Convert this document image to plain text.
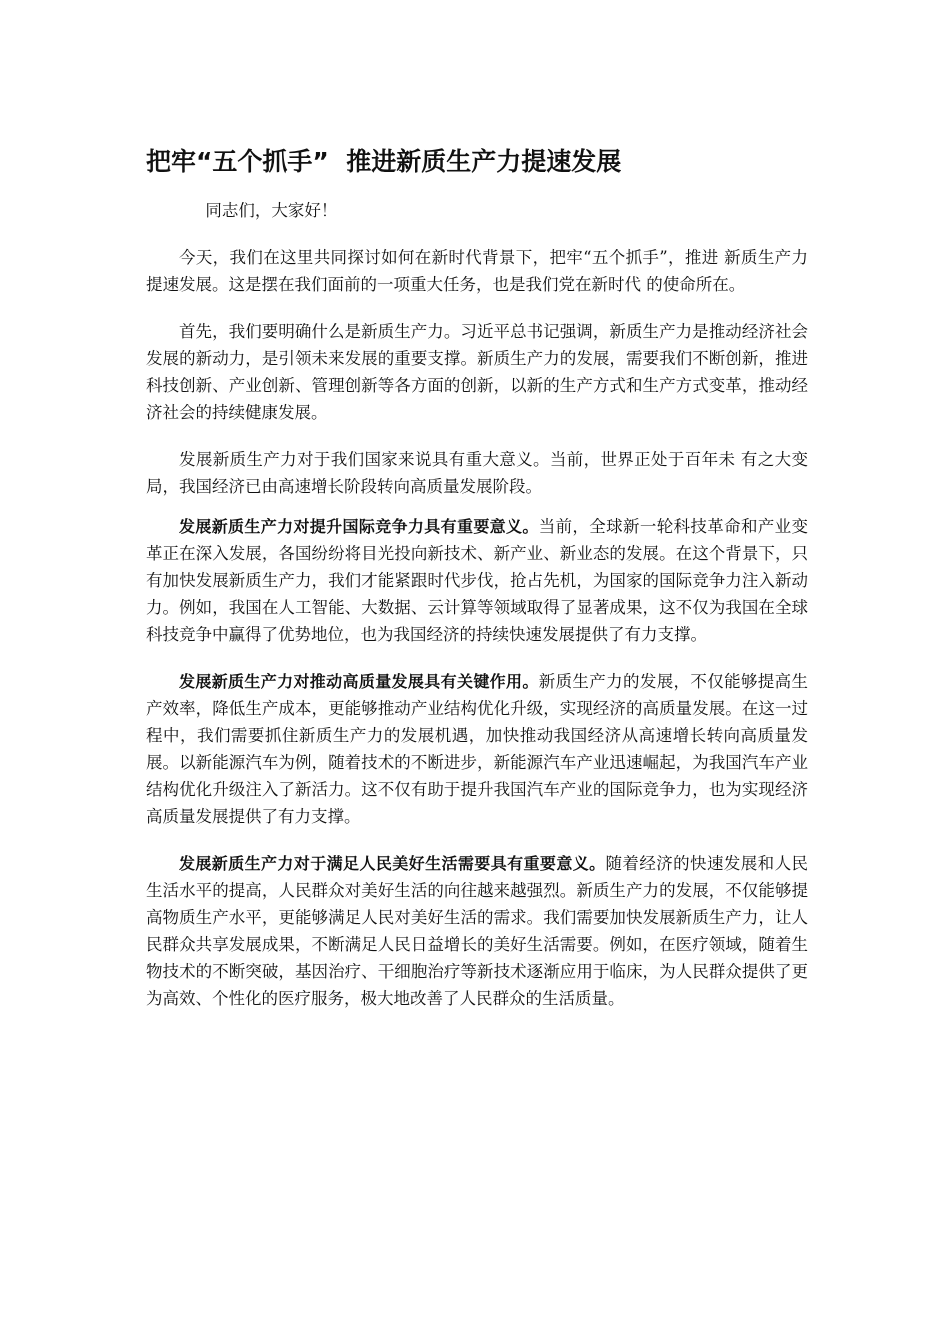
把牢“五个抓手”  推进新质生产力提速发展

同志们，大家好！

今天，我们在这里共同探讨如何在新时代背景下，把牢“五个抓手”，推进 新质生产力提速发展。这是摆在我们面前的一项重大任务，也是我们党在新时代 的使命所在。

首先，我们要明确什么是新质生产力。习近平总书记强调，新质生产力是推动经济社会发展的新动力，是引领未来发展的重要支撑。新质生产力的发展，需要我们不断创新，推进科技创新、产业创新、管理创新等各方面的创新，以新的生产方式和生产方式变革，推动经济社会的持续健康发展。

发展新质生产力对于我们国家来说具有重大意义。当前，世界正处于百年未 有之大变局，我国经济已由高速增长阶段转向高质量发展阶段。

发展新质生产力对提升国际竞争力具有重要意义。当前，全球新一轮科技革命和产业变革正在深入发展，各国纷纷将目光投向新技术、新产业、新业态的发展。在这个背景下，只有加快发展新质生产力，我们才能紧跟时代步伐，抢占先机，为国家的国际竞争力注入新动力。例如，我国在人工智能、大数据、云计算等领域取得了显著成果，这不仅为我国在全球科技竞争中赢得了优势地位，也为我国经济的持续快速发展提供了有力支撑。

发展新质生产力对推动高质量发展具有关键作用。新质生产力的发展，不仅能够提高生产效率，降低生产成本，更能够推动产业结构优化升级，实现经济的高质量发展。在这一过程中，我们需要抓住新质生产力的发展机遇，加快推动我国经济从高速增长转向高质量发展。以新能源汽车为例，随着技术的不断进步，新能源汽车产业迅速崛起，为我国汽车产业结构优化升级注入了新活力。这不仅有助于提升我国汽车产业的国际竞争力，也为实现经济高质量发展提供了有力支撑。

发展新质生产力对于满足人民美好生活需要具有重要意义。随着经济的快速发展和人民生活水平的提高，人民群众对美好生活的向往越来越强烈。新质生产力的发展，不仅能够提高物质生产水平，更能够满足人民对美好生活的需求。我们需要加快发展新质生产力，让人民群众共享发展成果，不断满足人民日益增长的美好生活需要。例如，在医疗领域，随着生物技术的不断突破，基因治疗、干细胞治疗等新技术逐渐应用于临床，为人民群众提供了更为高效、个性化的医疗服务，极大地改善了人民群众的生活质量。
